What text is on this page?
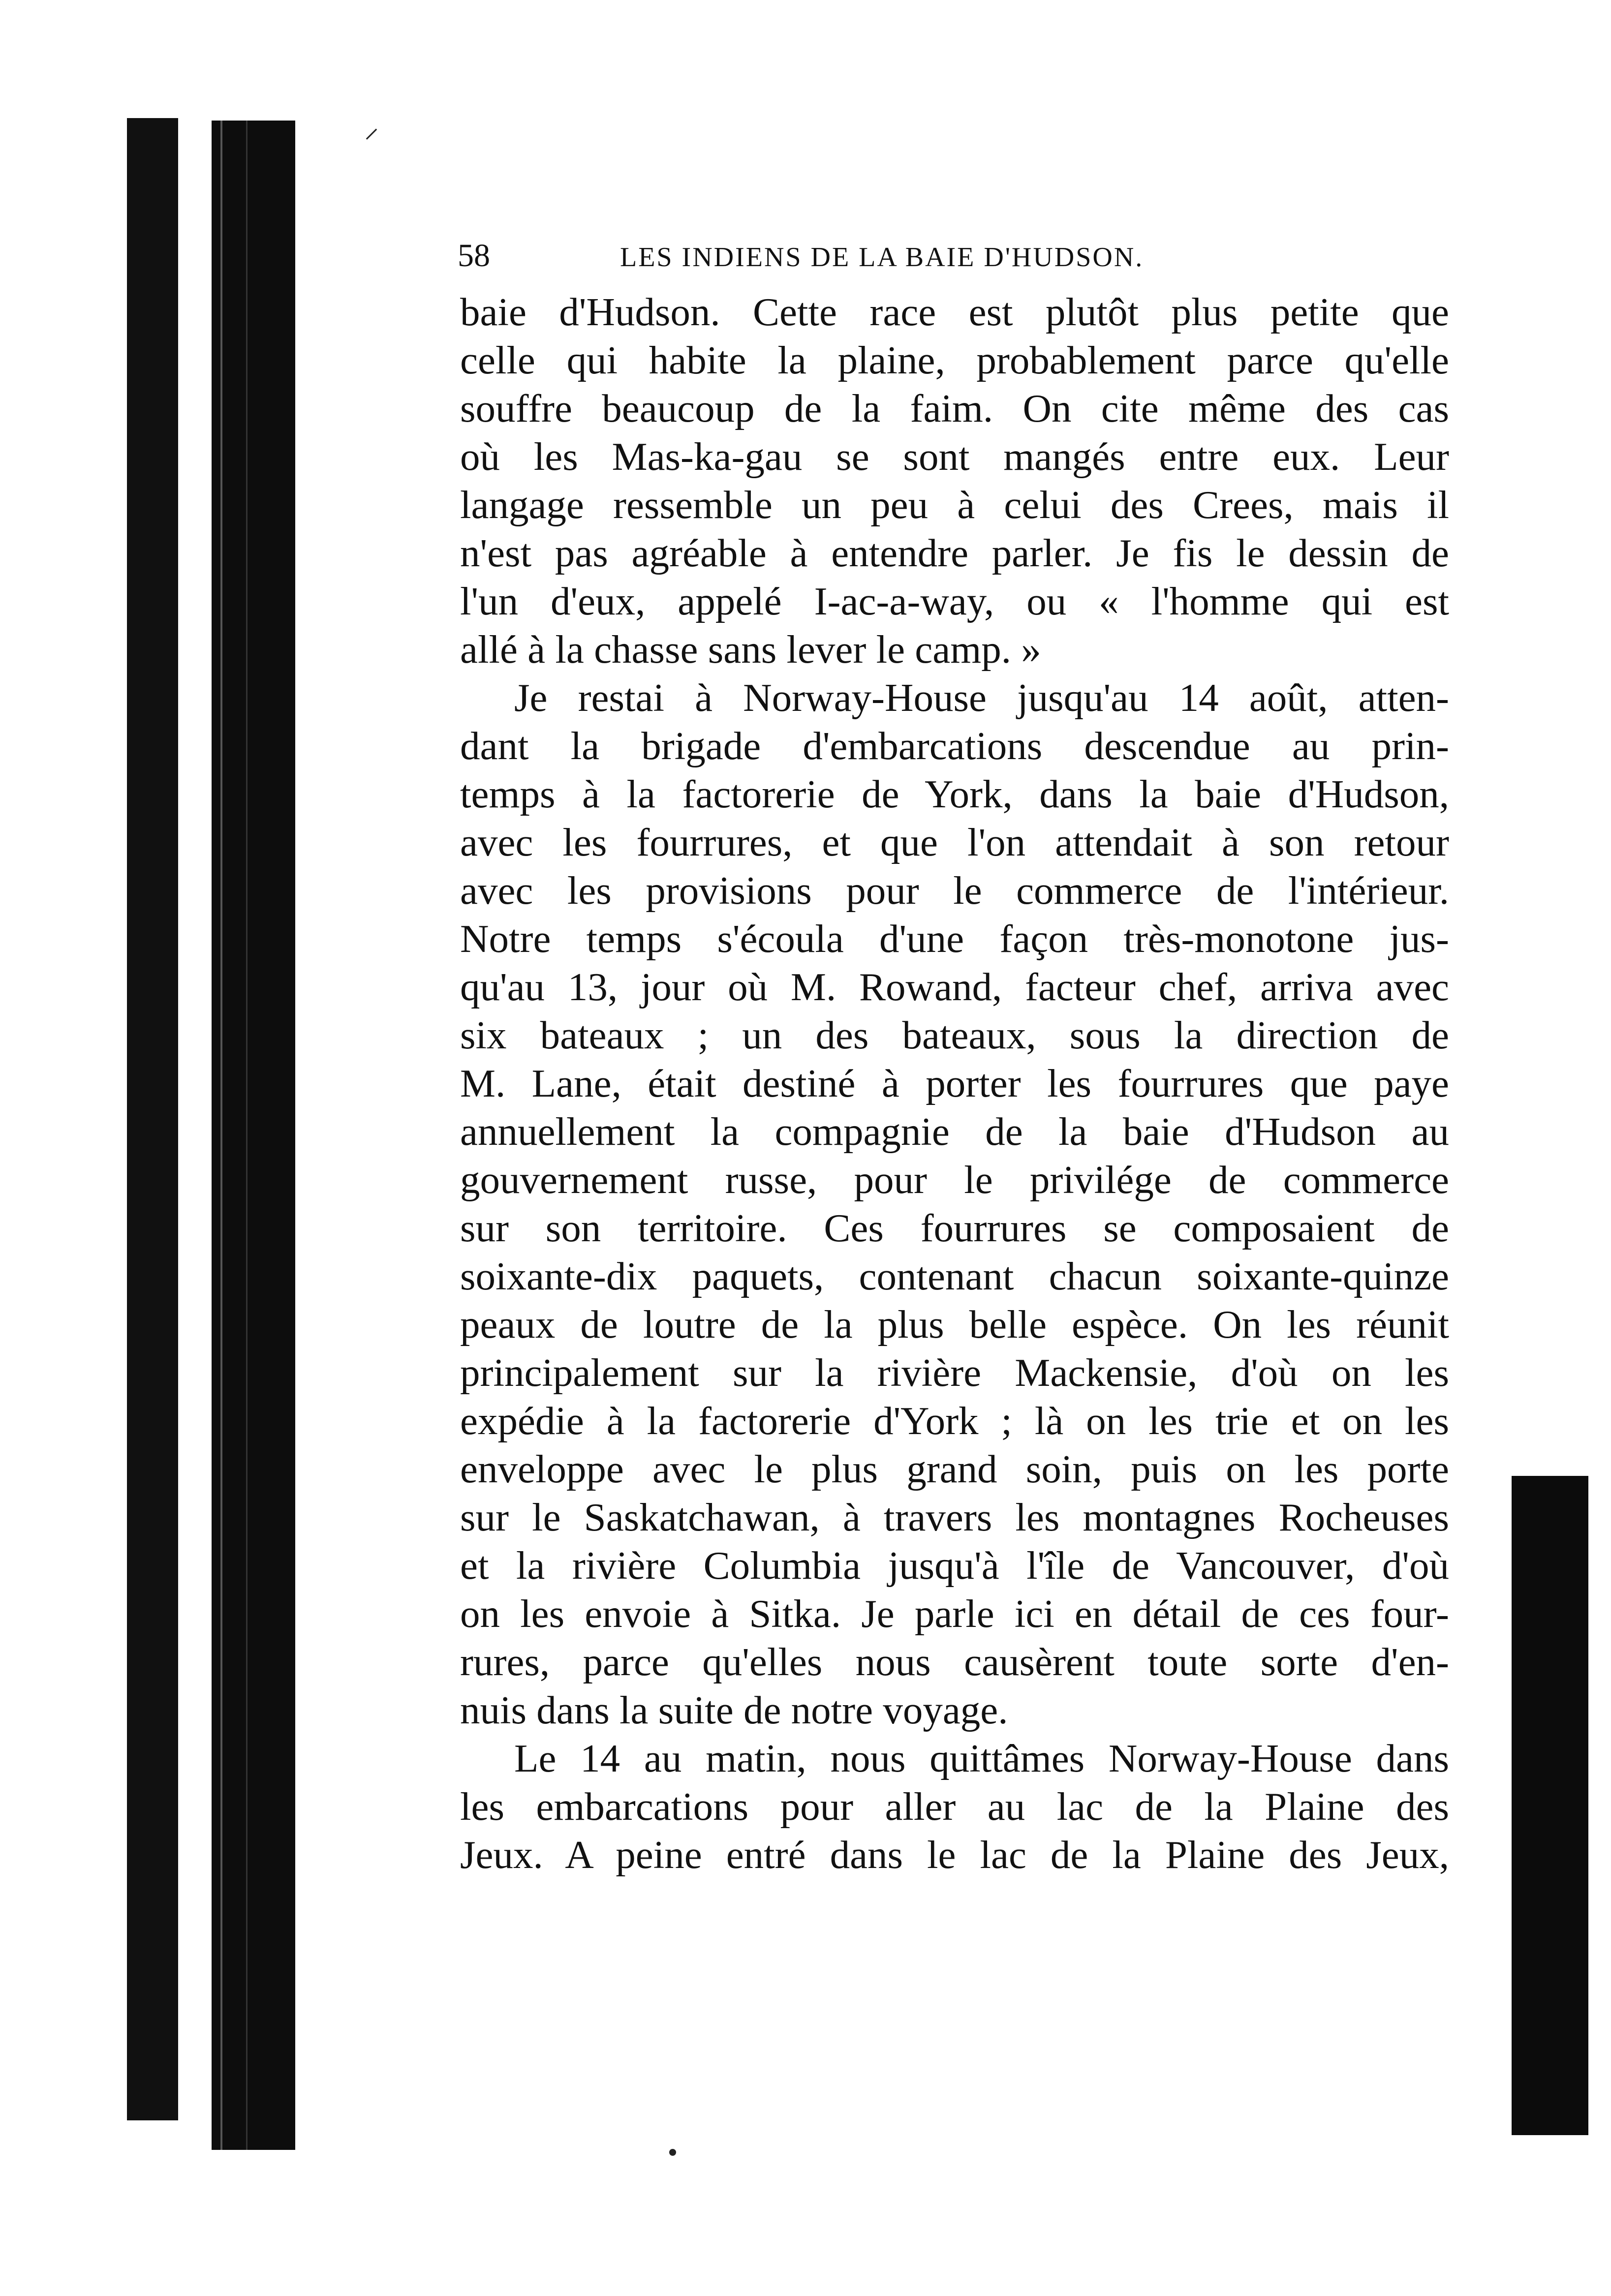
⸝
58	LES INDIENS DE LA BAIE D'HUDSON.
baie d'Hudson. Cette race est plutôt plus petite que
celle qui habite la plaine, probablement parce qu'elle
souffre beaucoup de la faim. On cite même des cas
où les Mas-ka-gau se sont mangés entre eux. Leur
langage ressemble un peu à celui des Crees, mais il
n'est pas agréable à entendre parler. Je fis le dessin de
l'un d'eux, appelé I-ac-a-way, ou « l'homme qui est
allé à la chasse sans lever le camp. »
Je restai à Norway-House jusqu'au 14 août, atten-
dant la brigade d'embarcations descendue au prin-
temps à la factorerie de York, dans la baie d'Hudson,
avec les fourrures, et que l'on attendait à son retour
avec les provisions pour le commerce de l'intérieur.
Notre temps s'écoula d'une façon très-monotone jus-
qu'au 13, jour où M. Rowand, facteur chef, arriva avec
six bateaux ; un des bateaux, sous la direction de
M. Lane, était destiné à porter les fourrures que paye
annuellement la compagnie de la baie d'Hudson au
gouvernement russe, pour le privilége de commerce
sur son territoire. Ces fourrures se composaient de
soixante-dix paquets, contenant chacun soixante-quinze
peaux de loutre de la plus belle espèce. On les réunit
principalement sur la rivière Mackensie, d'où on les
expédie à la factorerie d'York ; là on les trie et on les
enveloppe avec le plus grand soin, puis on les porte
sur le Saskatchawan, à travers les montagnes Rocheuses
et la rivière Columbia jusqu'à l'île de Vancouver, d'où
on les envoie à Sitka. Je parle ici en détail de ces four-
rures, parce qu'elles nous causèrent toute sorte d'en-
nuis dans la suite de notre voyage.
Le 14 au matin, nous quittâmes Norway-House dans
les embarcations pour aller au lac de la Plaine des
Jeux. A peine entré dans le lac de la Plaine des Jeux,
